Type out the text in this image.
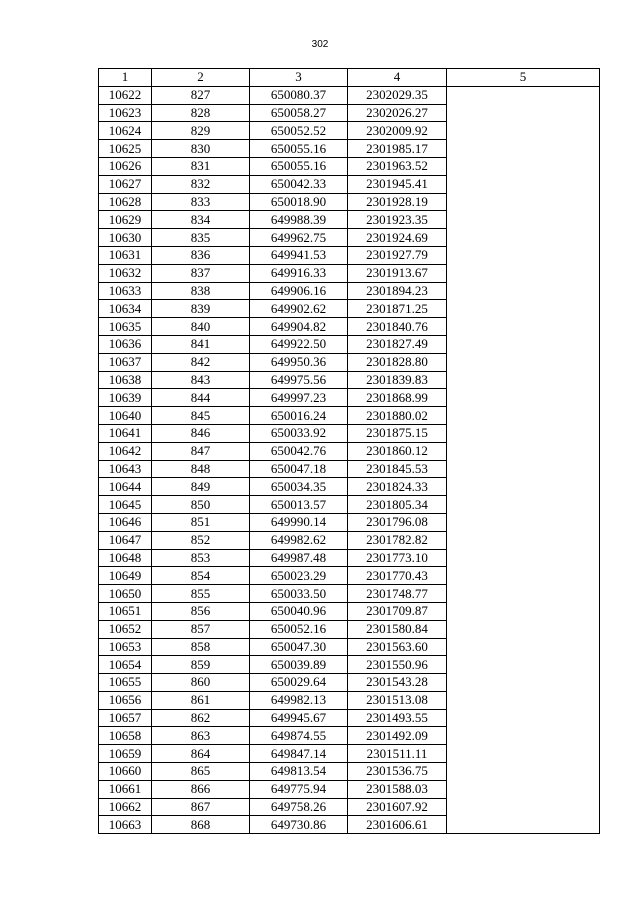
302
1	2	3	4	5
10622	827	650080.37	2302029.35	
10623	828	650058.27	2302026.27	
10624	829	650052.52	2302009.92	
10625	830	650055.16	2301985.17	
10626	831	650055.16	2301963.52	
10627	832	650042.33	2301945.41	
10628	833	650018.90	2301928.19	
10629	834	649988.39	2301923.35	
10630	835	649962.75	2301924.69	
10631	836	649941.53	2301927.79	
10632	837	649916.33	2301913.67	
10633	838	649906.16	2301894.23	
10634	839	649902.62	2301871.25	
10635	840	649904.82	2301840.76	
10636	841	649922.50	2301827.49	
10637	842	649950.36	2301828.80	
10638	843	649975.56	2301839.83	
10639	844	649997.23	2301868.99	
10640	845	650016.24	2301880.02	
10641	846	650033.92	2301875.15	
10642	847	650042.76	2301860.12	
10643	848	650047.18	2301845.53	
10644	849	650034.35	2301824.33	
10645	850	650013.57	2301805.34	
10646	851	649990.14	2301796.08	
10647	852	649982.62	2301782.82	
10648	853	649987.48	2301773.10	
10649	854	650023.29	2301770.43	
10650	855	650033.50	2301748.77	
10651	856	650040.96	2301709.87	
10652	857	650052.16	2301580.84	
10653	858	650047.30	2301563.60	
10654	859	650039.89	2301550.96	
10655	860	650029.64	2301543.28	
10656	861	649982.13	2301513.08	
10657	862	649945.67	2301493.55	
10658	863	649874.55	2301492.09	
10659	864	649847.14	2301511.11	
10660	865	649813.54	2301536.75	
10661	866	649775.94	2301588.03	
10662	867	649758.26	2301607.92	
10663	868	649730.86	2301606.61	
